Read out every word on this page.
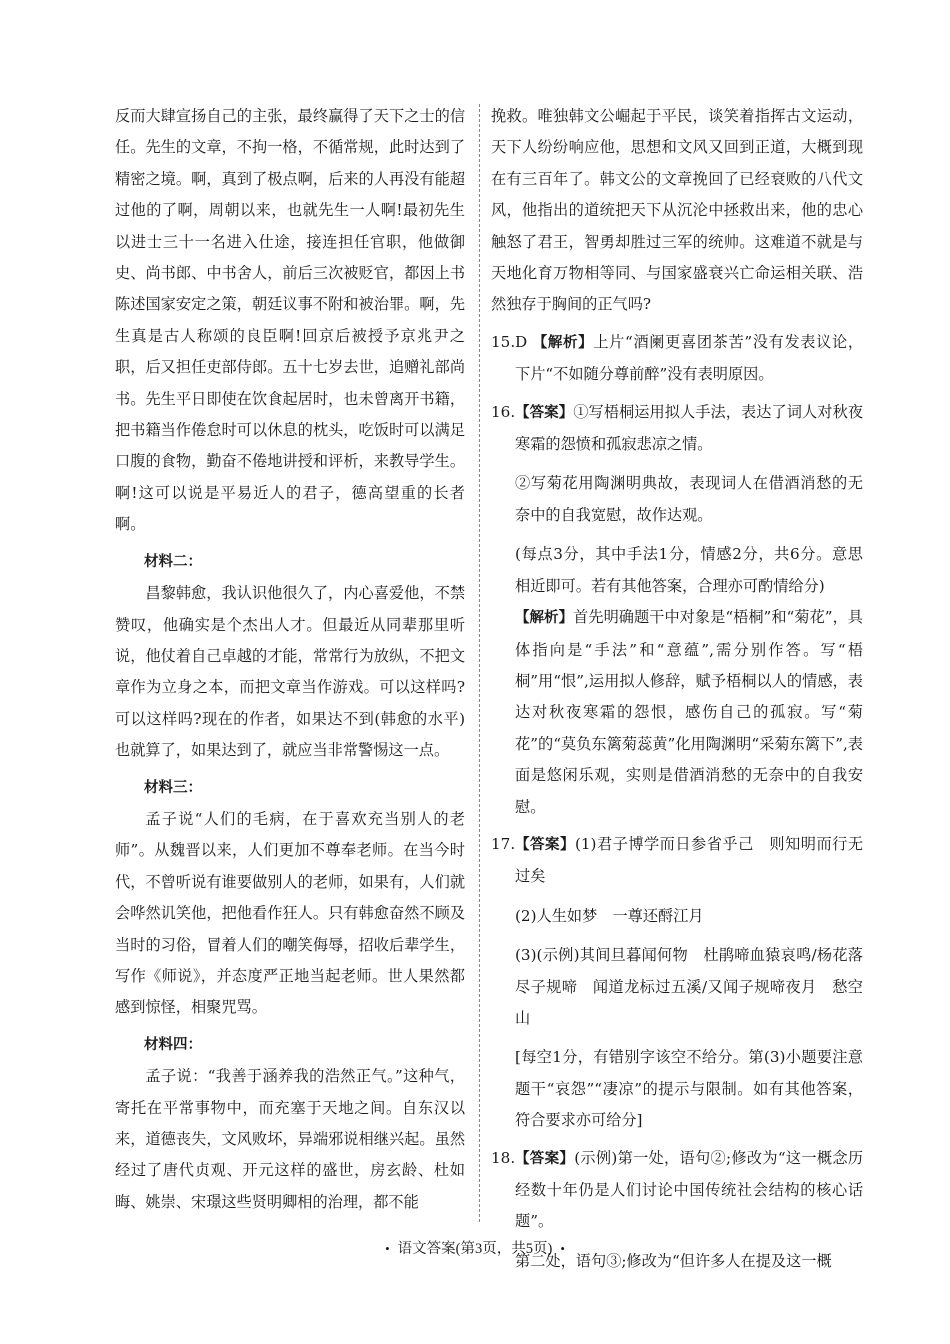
反而大肆宣扬自己的主张，最终赢得了天下之士的信任。先生的文章，不拘一格，不循常规，此时达到了精密之境。啊，真到了极点啊，后来的人再没有能超过他的了啊，周朝以来，也就先生一人啊!最初先生以进士三十一名进入仕途，接连担任官职，他做御史、尚书郎、中书舍人，前后三次被贬官，都因上书陈述国家安定之策，朝廷议事不附和被治罪。啊，先生真是古人称颂的良臣啊!回京后被授予京兆尹之职，后又担任吏部侍郎。五十七岁去世，追赠礼部尚书。先生平日即使在饮食起居时，也未曾离开书籍，把书籍当作倦怠时可以休息的枕头，吃饭时可以满足口腹的食物，勤奋不倦地讲授和评析，来教导学生。啊!这可以说是平易近人的君子，德高望重的长者啊。

材料二：

昌黎韩愈，我认识他很久了，内心喜爱他，不禁赞叹，他确实是个杰出人才。但最近从同辈那里听说，他仗着自己卓越的才能，常常行为放纵，不把文章作为立身之本，而把文章当作游戏。可以这样吗?可以这样吗?现在的作者，如果达不到(韩愈的水平)也就算了，如果达到了，就应当非常警惕这一点。

材料三：

孟子说“人们的毛病，在于喜欢充当别人的老师”。从魏晋以来，人们更加不尊奉老师。在当今时代，不曾听说有谁要做别人的老师，如果有，人们就会哗然讥笑他，把他看作狂人。只有韩愈奋然不顾及当时的习俗，冒着人们的嘲笑侮辱，招收后辈学生，写作《师说》，并态度严正地当起老师。世人果然都感到惊怪，相聚咒骂。

材料四：

孟子说：“我善于涵养我的浩然正气。”这种气，寄托在平常事物中，而充塞于天地之间。自东汉以来，道德丧失，文风败坏，异端邪说相继兴起。虽然经过了唐代贞观、开元这样的盛世，房玄龄、杜如晦、姚崇、宋璟这些贤明卿相的治理，都不能

挽救。唯独韩文公崛起于平民，谈笑着指挥古文运动，天下人纷纷响应他，思想和文风又回到正道，大概到现在有三百年了。韩文公的文章挽回了已经衰败的八代文风，他指出的道统把天下从沉沦中拯救出来，他的忠心触怒了君王，智勇却胜过三军的统帅。这难道不就是与天地化育万物相等同、与国家盛衰兴亡命运相关联、浩然独存于胸间的正气吗?

15. D 【解析】上片“酒阑更喜团茶苦”没有发表议论，下片“不如随分尊前醉”没有表明原因。

16. 【答案】①写梧桐运用拟人手法，表达了词人对秋夜寒霜的怨愤和孤寂悲凉之情。

②写菊花用陶渊明典故，表现词人在借酒消愁的无奈中的自我宽慰，故作达观。

(每点3分，其中手法1分，情感2分，共6分。意思相近即可。若有其他答案，合理亦可酌情给分)

【解析】首先明确题干中对象是“梧桐”和“菊花”，具体指向是“手法”和“意蕴”,需分别作答。写“梧桐”用“恨”,运用拟人修辞，赋予梧桐以人的情感，表达对秋夜寒霜的怨恨，感伤自己的孤寂。写“菊花”的“莫负东篱菊蕊黄”化用陶渊明“采菊东篱下”,表面是悠闲乐观，实则是借酒消愁的无奈中的自我安慰。

17. 【答案】(1)君子博学而日参省乎己　则知明而行无过矣

(2)人生如梦　一尊还酹江月

(3)(示例)其间旦暮闻何物　杜鹃啼血猿哀鸣/杨花落尽子规啼　闻道龙标过五溪/又闻子规啼夜月　愁空山

[每空1分，有错别字该空不给分。第(3)小题要注意题干“哀怨”“凄凉”的提示与限制。如有其他答案，符合要求亦可给分]

18. 【答案】(示例)第一处，语句②;修改为“这一概念历经数十年仍是人们讨论中国传统社会结构的核心话题”。

第二处，语句③;修改为“但许多人在提及这一概

• 语文答案(第3页，共5页) •
